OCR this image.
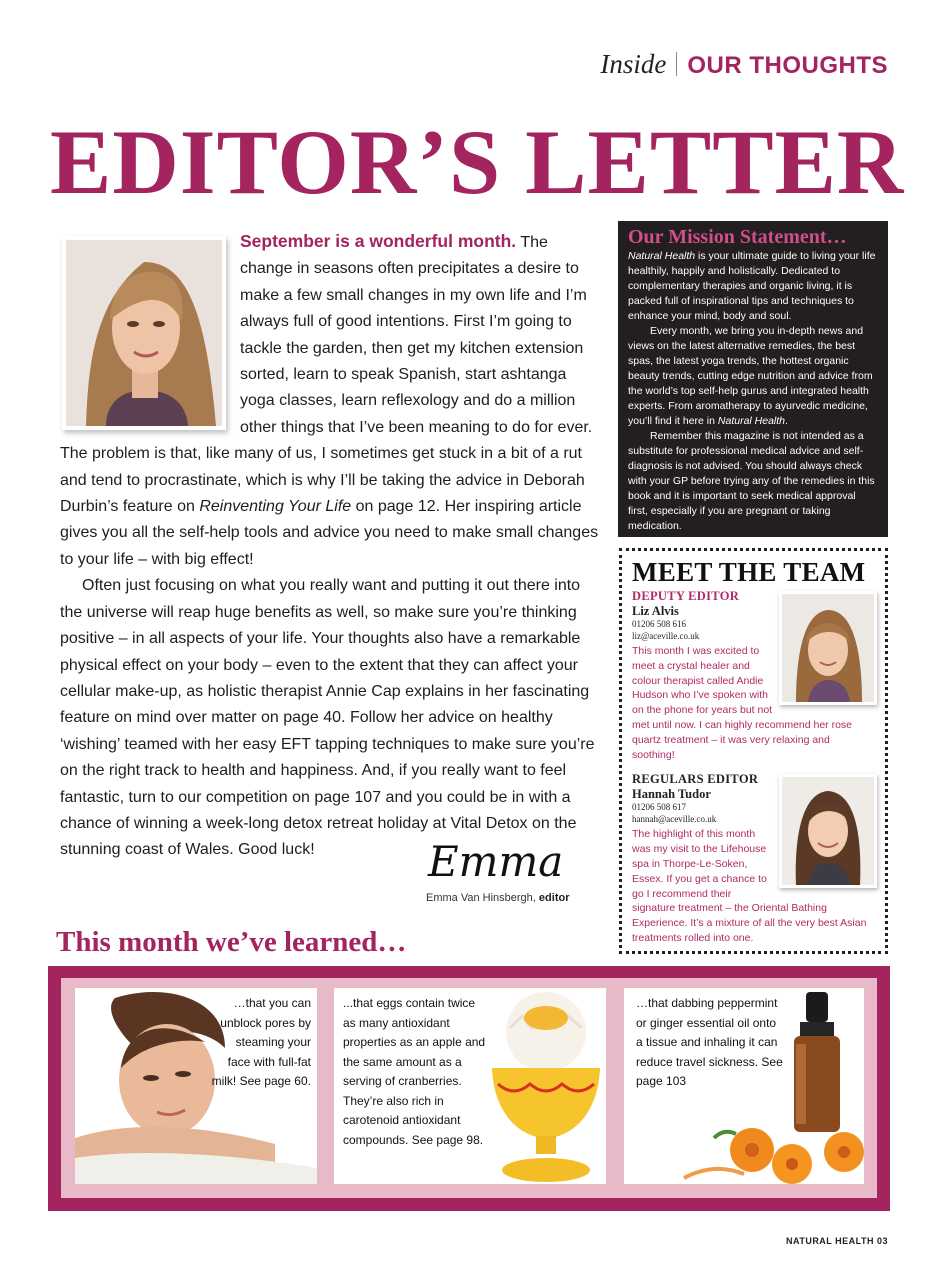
Inside OUR THOUGHTS
EDITOR’S LETTER

September is a wonderful month. The change in seasons often precipitates a desire to make a few small changes in my own life and I’m always full of good intentions. First I’m going to tackle the garden, then get my kitchen extension sorted, learn to speak Spanish, start ashtanga yoga classes, learn reflexology and do a million other things that I’ve been meaning to do for ever. The problem is that, like many of us, I sometimes get stuck in a bit of a rut and tend to procrastinate, which is why I’ll be taking the advice in Deborah Durbin’s feature on Reinventing Your Life on page 12. Her inspiring article gives you all the self-help tools and advice you need to make small changes to your life – with big effect!

Often just focusing on what you really want and putting it out there into the universe will reap huge benefits as well, so make sure you’re thinking positive – in all aspects of your life. Your thoughts also have a remarkable physical effect on your body – even to the extent that they can affect your cellular make-up, as holistic therapist Annie Cap explains in her fascinating feature on mind over matter on page 40. Follow her advice on healthy ‘wishing’ teamed with her easy EFT tapping techniques to make sure you’re on the right track to health and happiness. And, if you really want to feel fantastic, turn to our competition on page 107 and you could be in with a chance of winning a week-long detox retreat holiday at Vital Detox on the stunning coast of Wales. Good luck!	Emma
Emma Van Hinsbergh, editor
Our Mission Statement…

Natural Health is your ultimate guide to living your life healthily, happily and holistically. Dedicated to complementary therapies and organic living, it is packed full of inspirational tips and techniques to enhance your mind, body and soul.

Every month, we bring you in-depth news and views on the latest alternative remedies, the best spas, the latest yoga trends, the hottest organic beauty trends, cutting edge nutrition and advice from the world’s top self-help gurus and integrated health experts. From aromatherapy to ayurvedic medicine, you’ll find it here in Natural Health.

Remember this magazine is not intended as a substitute for professional medical advice and self-diagnosis is not advised. You should always check with your GP before trying any of the remedies in this book and it is important to seek medical approval first, especially if you are pregnant or taking medication.

MEET THE TEAM
DEPUTY EDITOR
Liz Alvis
01206 508 616
liz@aceville.co.uk
This month I was excited to meet a crystal healer and colour therapist called Andie Hudson who I’ve spoken with on the phone for years but not met until now. I can highly recommend her rose quartz treatment – it was very relaxing and soothing!
REGULARS EDITOR
Hannah Tudor
01206 508 617
hannah@aceville.co.uk
The highlight of this month was my visit to the Lifehouse spa in Thorpe-Le-Soken, Essex. If you get a chance to go I recommend their signature treatment – the Oriental Bathing Experience. It’s a mixture of all the very best Asian treatments rolled into one.
This month we’ve learned…
…that you can unblock pores by steaming your face with full-fat milk! See page 60.
...that eggs contain twice as many antioxidant properties as an apple and the same amount as a serving of cranberries. They’re also rich in carotenoid antioxidant compounds. See page 98.
…that dabbing peppermint or ginger essential oil onto a tissue and inhaling it can reduce travel sickness. See page 103
NATURAL HEALTH 03
